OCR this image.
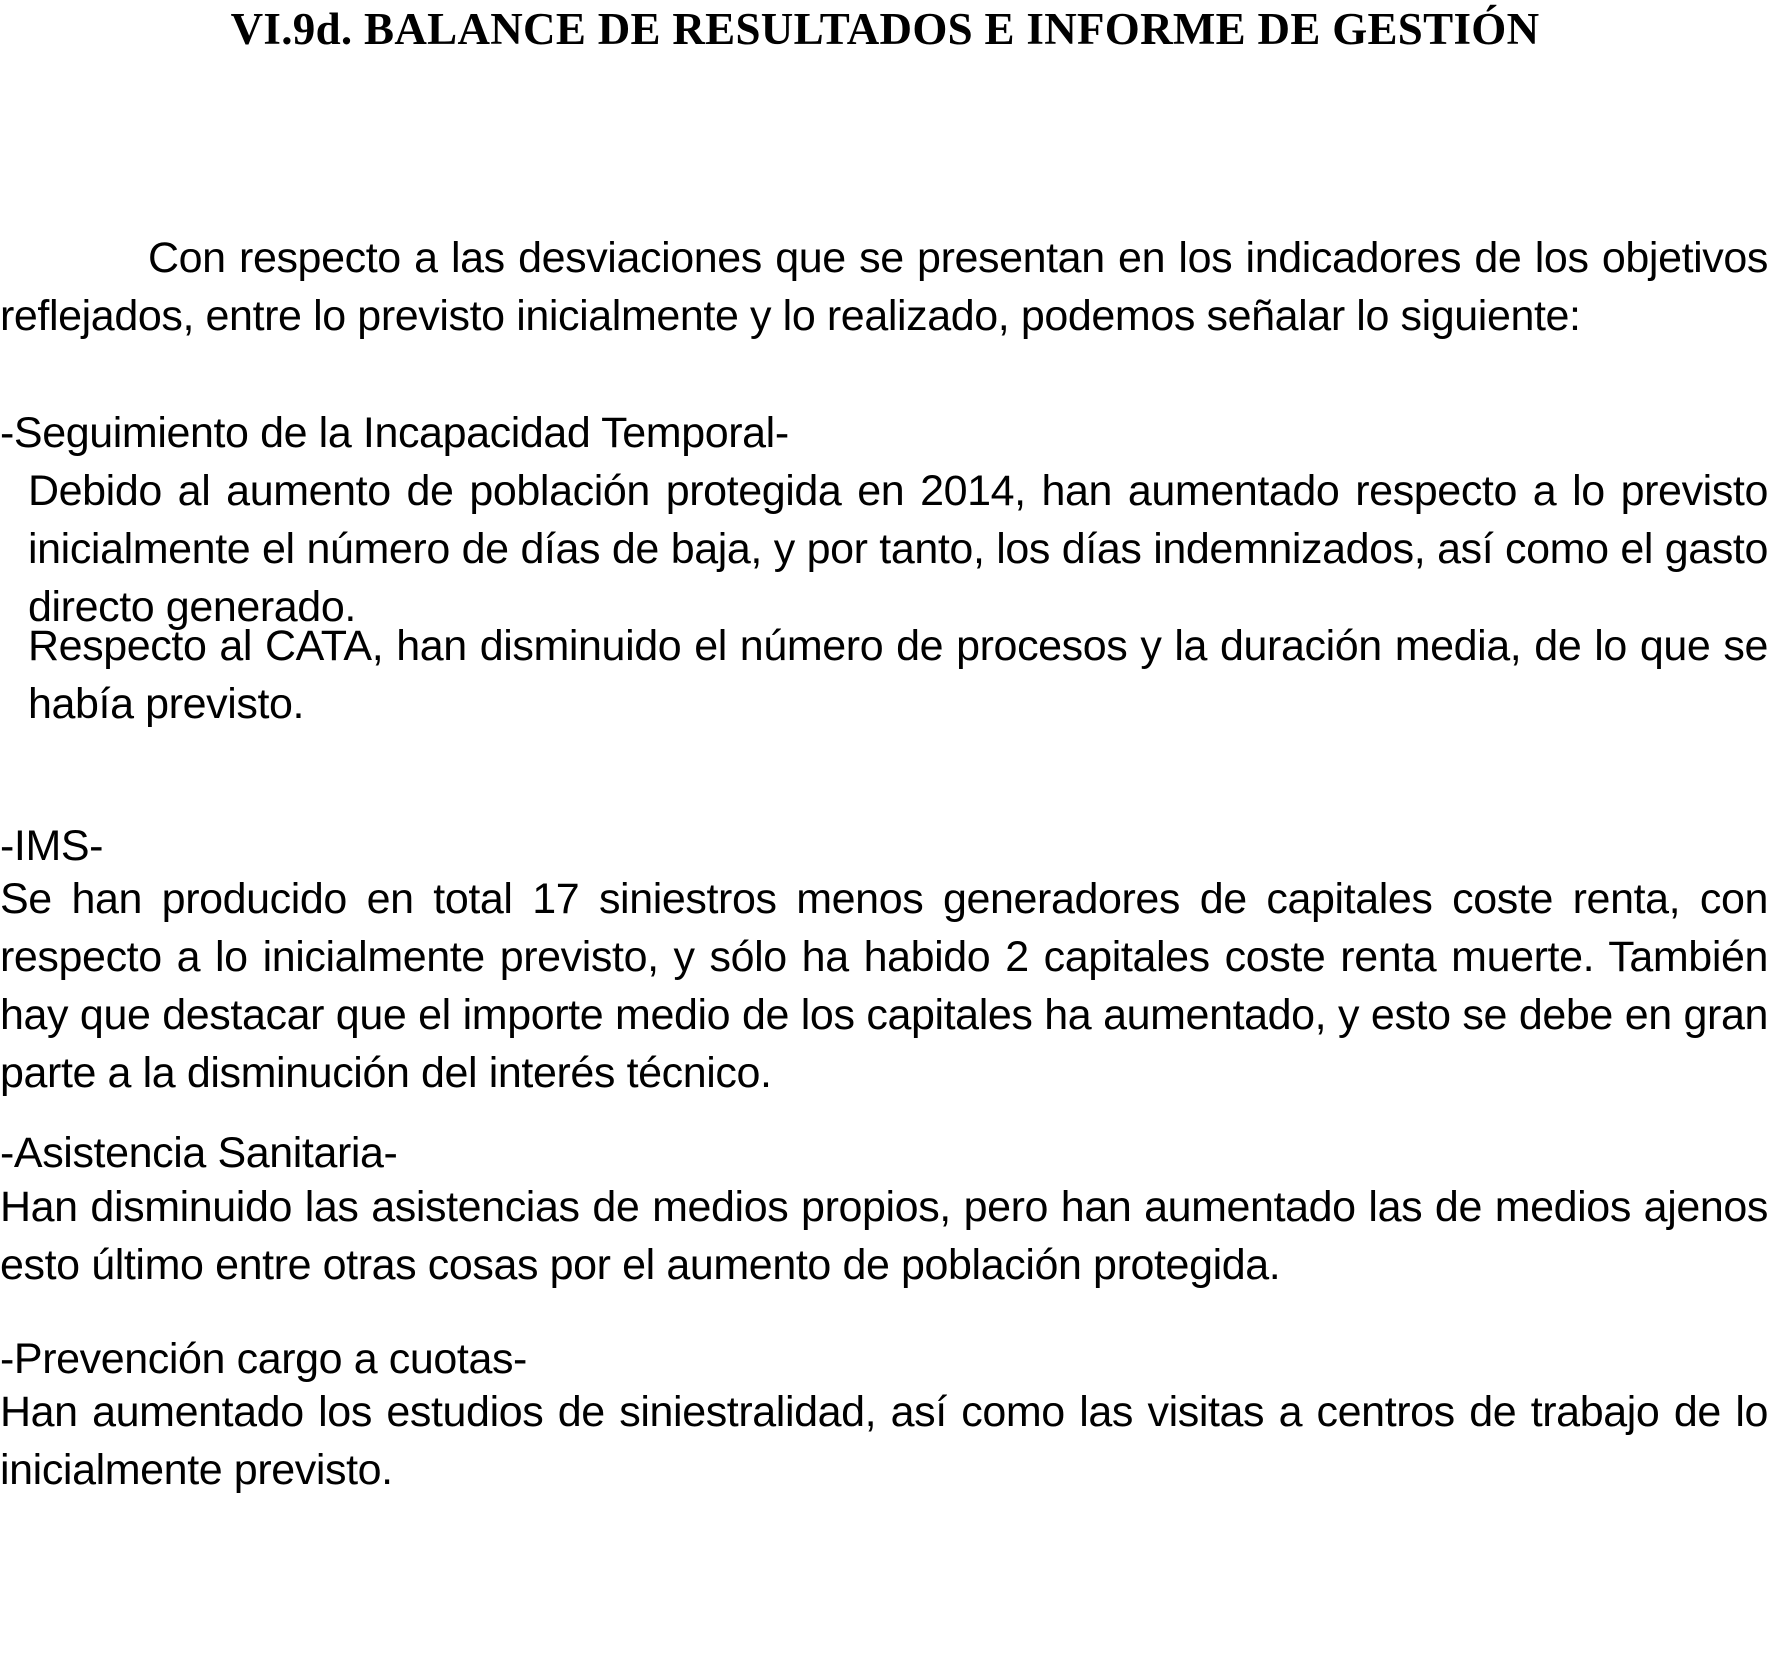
VI.9d. BALANCE DE RESULTADOS E INFORME DE GESTIÓN

Con respecto a las desviaciones que se presentan en los indicadores de los objetivos reflejados, entre lo previsto inicialmente y lo realizado, podemos señalar lo siguiente:

-Seguimiento de la Incapacidad Temporal-

Debido al aumento de población protegida en 2014, han aumentado respecto a lo previsto inicialmente el número de días de baja, y por tanto, los días indemnizados, así como el gasto directo generado.

Respecto al CATA, han disminuido el número de procesos y la duración media, de lo que se había previsto.

-IMS-

Se han producido en total 17 siniestros menos generadores de capitales coste renta, con respecto a lo inicialmente previsto, y sólo ha habido 2 capitales coste renta muerte. También hay que destacar que el importe medio de los capitales ha aumentado, y esto se debe en gran parte a la disminución del interés técnico.

-Asistencia Sanitaria-

Han disminuido las asistencias de medios propios, pero han aumentado las de medios ajenos esto último entre otras cosas por el aumento de población protegida.

-Prevención cargo a cuotas-

Han aumentado los estudios de siniestralidad, así como las visitas a centros de trabajo de lo inicialmente previsto.
